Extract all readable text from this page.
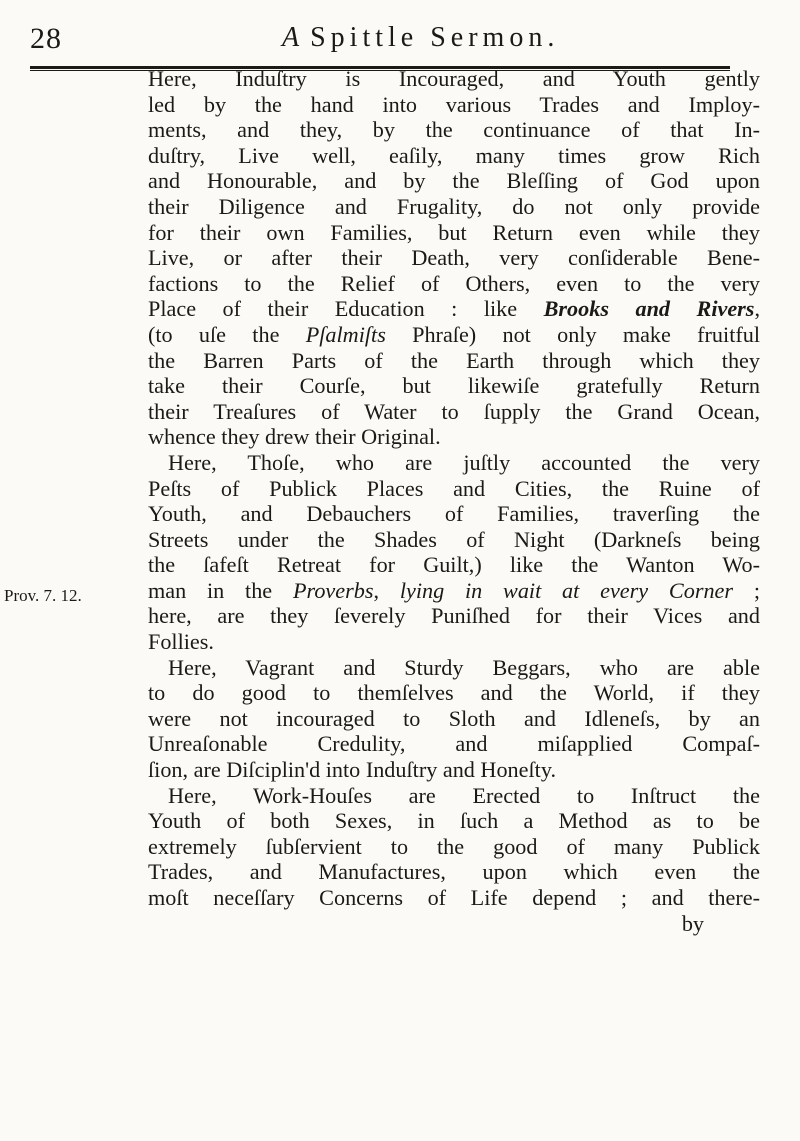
28	A Spittle Sermon.
Prov. 7. 12.
Here, Induſtry is Incouraged, and Youth gently
led by the hand into various Trades and Imploy-
ments, and they, by the continuance of that In-
duſtry, Live well, eaſily, many times grow Rich
and Honourable, and by the Bleſſing of God upon
their Diligence and Frugality, do not only provide
for their own Families, but Return even while they
Live, or after their Death, very conſiderable Bene-
factions to the Relief of Others, even to the very
Place of their Education : like Brooks and Rivers,
(to uſe the Pſalmiſts Phraſe) not only make fruitful
the Barren Parts of the Earth through which they
take their Courſe, but likewiſe gratefully Return
their Treaſures of Water to ſupply the Grand Ocean,
whence they drew their Original.
Here, Thoſe, who are juſtly accounted the very
Peſts of Publick Places and Cities, the Ruine of
Youth, and Debauchers of Families, traverſing the
Streets under the Shades of Night (Darkneſs being
the ſafeſt Retreat for Guilt,) like the Wanton Wo-
man in the Proverbs, lying in wait at every Corner ;
here, are they ſeverely Puniſhed for their Vices and
Follies.
Here, Vagrant and Sturdy Beggars, who are able
to do good to themſelves and the World, if they
were not incouraged to Sloth and Idleneſs, by an
Unreaſonable Credulity, and miſapplied Compaſ-
ſion, are Diſciplin'd into Induſtry and Honeſty.
Here, Work-Houſes are Erected to Inſtruct the
Youth of both Sexes, in ſuch a Method as to be
extremely ſubſervient to the good of many Publick
Trades, and Manufactures, upon which even the
moſt neceſſary Concerns of Life depend ; and there-
by
